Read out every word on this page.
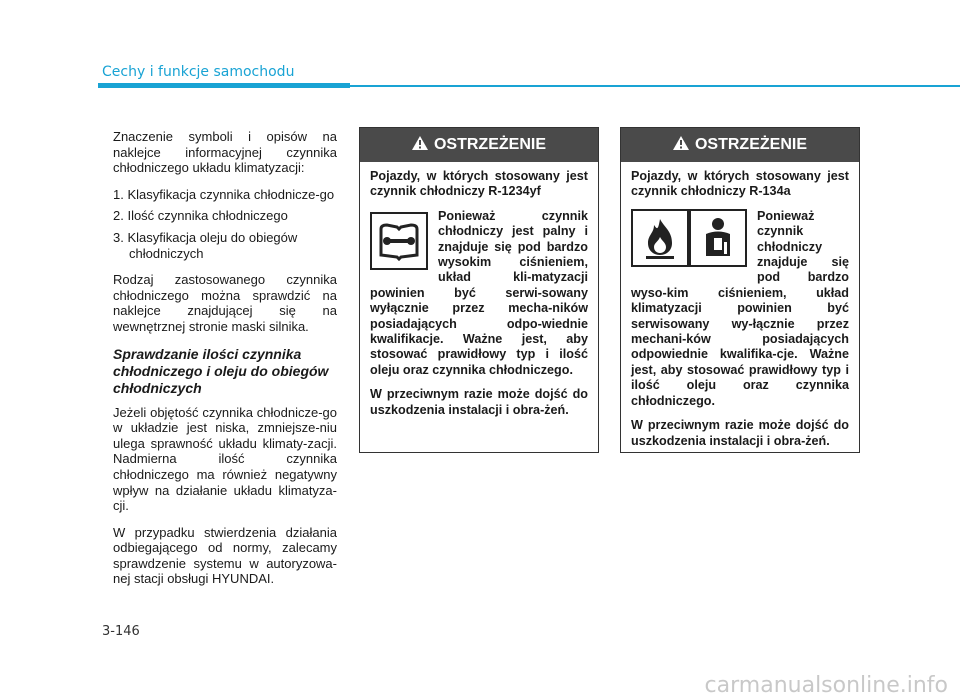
Cechy i funkcje samochodu

Znaczenie symboli i opisów na naklejce informacyjnej czynnika chłodniczego układu klimatyzacji:

1. Klasyfikacja czynnika chłodnicze-go
2. Ilość czynnika chłodniczego
3. Klasyfikacja oleju do obiegów chłodniczych

Rodzaj zastosowanego czynnika chłodniczego można sprawdzić na naklejce znajdującej się na wewnętrznej stronie maski silnika.

Sprawdzanie ilości czynnika chłodniczego i oleju do obiegów chłodniczych

Jeżeli objętość czynnika chłodnicze-go w układzie jest niska, zmniejsze-niu ulega sprawność układu klimaty-zacji. Nadmierna ilość czynnika chłodniczego ma również negatywny wpływ na działanie układu klimatyza-cji.

W przypadku stwierdzenia działania odbiegającego od normy, zalecamy sprawdzenie systemu w autoryzowa-nej stacji obsługi HYUNDAI.

OSTRZEŻENIE

Pojazdy, w których stosowany jest czynnik chłodniczy R-1234yf

Ponieważ czynnik chłodniczy jest palny i znajduje się pod bardzo wysokim ciśnieniem, układ kli-matyzacji powinien być serwi-sowany wyłącznie przez mecha-ników posiadających odpo-wiednie kwalifikacje. Ważne jest, aby stosować prawidłowy typ i ilość oleju oraz czynnika chłodniczego.

W przeciwnym razie może dojść do uszkodzenia instalacji i obra-żeń.

OSTRZEŻENIE

Pojazdy, w których stosowany jest czynnik chłodniczy R-134a

Ponieważ czynnik chłodniczy znajduje się pod bardzo wyso-kim ciśnieniem, układ klimatyzacji powinien być serwisowany wy-łącznie przez mechani-ków posiadających odpowiednie kwalifika-cje. Ważne jest, aby stosować prawidłowy typ i ilość oleju oraz czynnika chłodniczego.

W przeciwnym razie może dojść do uszkodzenia instalacji i obra-żeń.

3-146
carmanualsonline.info
